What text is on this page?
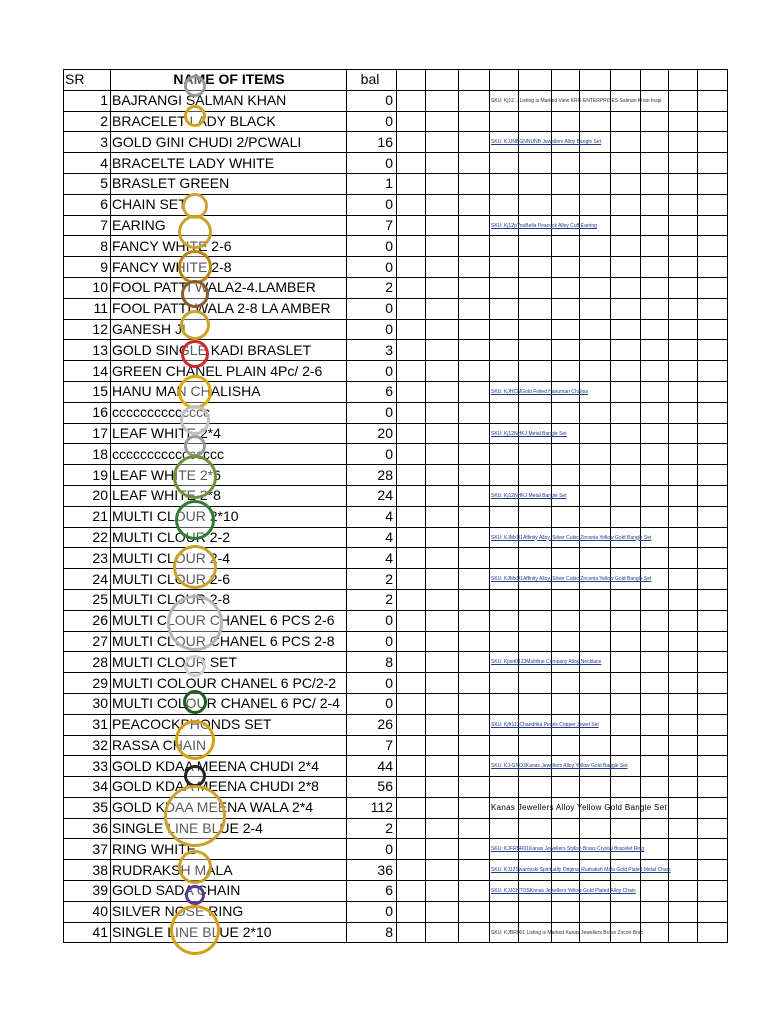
SR	NAME OF ITEMS	bal											
1	BAJRANGI SALMAN KHAN	0				SKU: Kj12... Listing is Marked View KRG ENTERPRISES Salman Khan Inspi							

2	BRACELET LADY BLACK	0											
3	GOLD GINI CHUDI 2/PCWALI	16				SKU: KJJNBGNNUNB Jewellers Alloy Bangle Set							

4	BRACELTE LADY WHITE	0											
5	BRASLET GREEN	1											
6	CHAIN SET	0											
7	EARING	7				SKU: Kj12pYouBella Peacock Alloy Cuff Earring							

8	FANCY WHITE 2-6	0											
9	FANCY WHITE 2-8	0											
10	FOOL PATTI WALA2-4.LAMBER	2											
11	FOOL PATTI WALA 2-8 LA AMBER	0											
12	GANESH JI	0											
13	GOLD SINGLE KADI BRASLET	3											
14	GREEN CHANEL PLAIN 4Pc/ 2-6	0											
15	HANU MAN CHALISHA	6				SKU: KJHCMGold Foiled Hanuman Chalisa							

16	cccccccccccccc	0											
17	LEAF WHITE 2*4	20				SKU: Kj12NHKJ Metal Bangle Set							

18	cccccccccccccccc	0											
19	LEAF WHITE 2*6	28											
20	LEAF WHITE 2*8	24				SKU: Kj12NHKJ Metal Bangle Set							

21	MULTI CLOUR 2*10	4											
22	MULTI CLOUR 2-2	4				SKU: KJMxD1Affinity Alloy, Silver Cubic Zirconia Yellow Gold Bangle Set							

23	MULTI CLOUR 2-4	4											
24	MULTI CLOUR 2-6	2				SKU: KJMxD1Affinity Alloy, Silver Cubic Zirconia Yellow Gold Bangle Set							

25	MULTI CLOUR 2-8	2											
26	MULTI CLOUR CHANEL 6 PCS 2-6	0											
27	MULTI CLOUR CHANEL 6 PCS 2-8	0											
28	MULTI CLOUR SET	8				SKU: Kjset0123Multiline Company Alloy Necklace							

29	MULTI COLOUR CHANEL 6 PC/2-2	0											
30	MULTI COLOUR CHANEL 6 PC/ 2-4	0											
31	PEACOCKPHONDS SET	26				SKU: Kjfr113Chandrika Pearls Copper Jewel Set							

32	RASSA CHAIN	7											
33	GOLD KDAA MEENA CHUDI 2*4	44				SKU: KJ-GNO3Kanas Jewellers Alloy Yellow Gold Bangle Set							

34	GOLD KDAA MEENA CHUDI 2*8	56											
35	GOLD KDAA MEENA WALA 2*4	112				Kanas Jewellers Alloy Yellow Gold Bangle Set							

36	SINGLE LINE BLUE 2-4	2											
37	RING WHITE	0				SKU: KJFRBR01Kanas Jewellers Stylish Brass Crystal Bracelet Ring							

38	RUDRAKSH MALA	36				SKU: KJ12Swarovski Spiritually Original Rudraksh Mala Gold Plated Metal Chain							

39	GOLD SADA CHAIN	6				SKU: KJJCHTOSKanas Jewellers Yellow Gold Plated Alloy Chain							

40	SILVER NOSE RING	0											
41	SINGLE LINE BLUE 2*10	8				SKU: KJBR001 Listing is Marked Kanas Jewellers Brass Zircon Brac							
